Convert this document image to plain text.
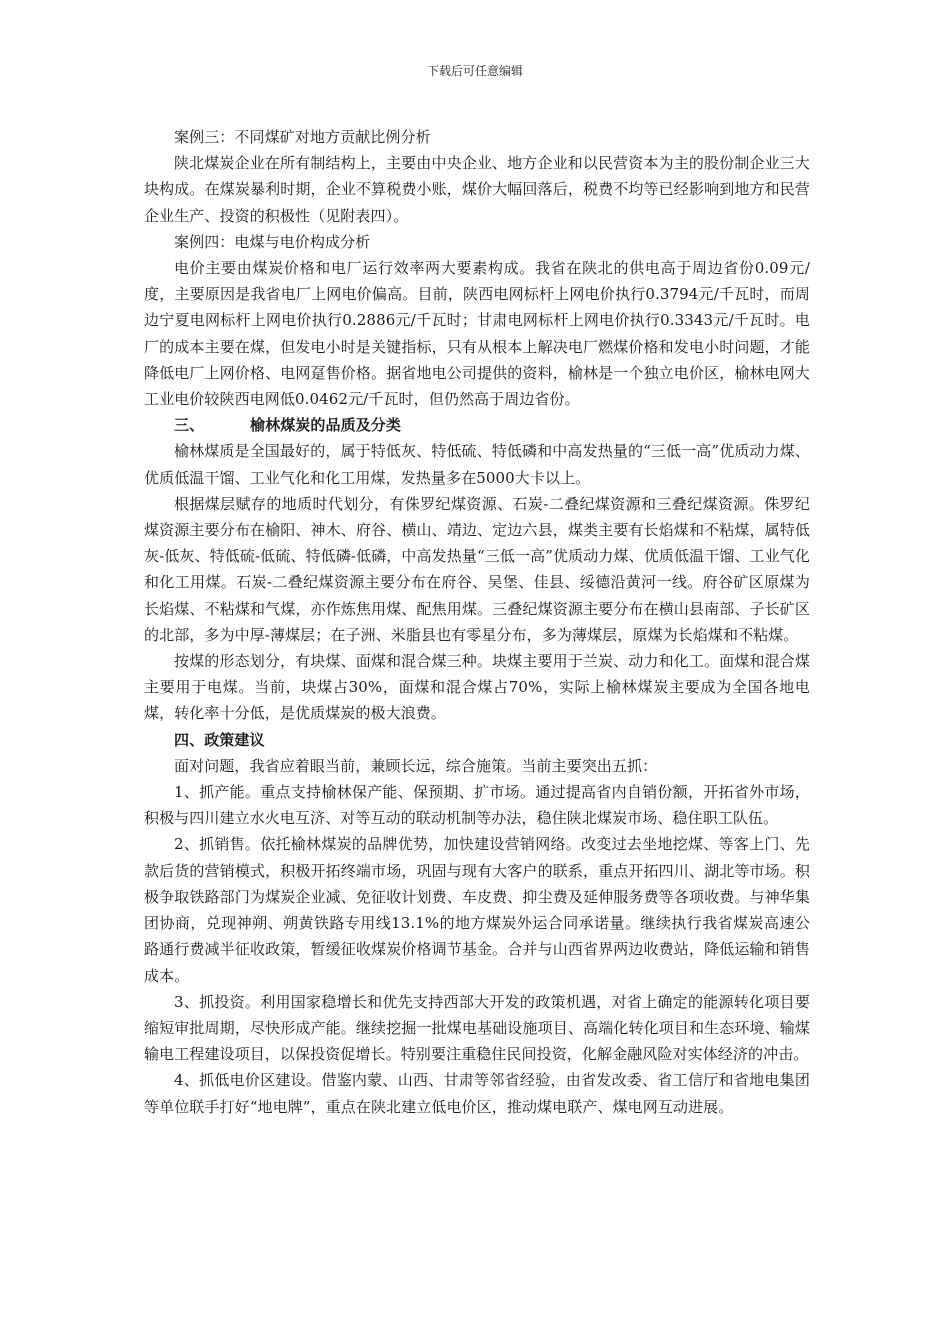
下载后可任意编辑

案例三：不同煤矿对地方贡献比例分析

陕北煤炭企业在所有制结构上，主要由中央企业、地方企业和以民营资本为主的股份制企业三大块构成。在煤炭暴利时期，企业不算税费小账，煤价大幅回落后，税费不均等已经影响到地方和民营企业生产、投资的积极性（见附表四）。

案例四：电煤与电价构成分析

电价主要由煤炭价格和电厂运行效率两大要素构成。我省在陕北的供电高于周边省份0.09元/度，主要原因是我省电厂上网电价偏高。目前，陕西电网标杆上网电价执行0.3794元/千瓦时，而周边宁夏电网标杆上网电价执行0.2886元/千瓦时；甘肃电网标杆上网电价执行0.3343元/千瓦时。电厂的成本主要在煤，但发电小时是关键指标，只有从根本上解决电厂燃煤价格和发电小时问题，才能降低电厂上网价格、电网趸售价格。据省地电公司提供的资料，榆林是一个独立电价区，榆林电网大工业电价较陕西电网低0.0462元/千瓦时，但仍然高于周边省份。

三、	榆林煤炭的品质及分类

榆林煤质是全国最好的，属于特低灰、特低硫、特低磷和中高发热量的“三低一高”优质动力煤、优质低温干馏、工业气化和化工用煤，发热量多在5000大卡以上。

根据煤层赋存的地质时代划分，有侏罗纪煤资源、石炭-二叠纪煤资源和三叠纪煤资源。侏罗纪煤资源主要分布在榆阳、神木、府谷、横山、靖边、定边六县，煤类主要有长焰煤和不粘煤，属特低灰-低灰、特低硫-低硫、特低磷-低磷，中高发热量“三低一高”优质动力煤、优质低温干馏、工业气化和化工用煤。石炭-二叠纪煤资源主要分布在府谷、吴堡、佳县、绥德沿黄河一线。府谷矿区原煤为长焰煤、不粘煤和气煤，亦作炼焦用煤、配焦用煤。三叠纪煤资源主要分布在横山县南部、子长矿区的北部，多为中厚-薄煤层；在子洲、米脂县也有零星分布，多为薄煤层，原煤为长焰煤和不粘煤。

按煤的形态划分，有块煤、面煤和混合煤三种。块煤主要用于兰炭、动力和化工。面煤和混合煤主要用于电煤。当前，块煤占30%，面煤和混合煤占70%，实际上榆林煤炭主要成为全国各地电煤，转化率十分低，是优质煤炭的极大浪费。

四、政策建议

面对问题，我省应着眼当前，兼顾长远，综合施策。当前主要突出五抓：

1、抓产能。重点支持榆林保产能、保预期、扩市场。通过提高省内自销份额，开拓省外市场，积极与四川建立水火电互济、对等互动的联动机制等办法，稳住陕北煤炭市场、稳住职工队伍。

2、抓销售。依托榆林煤炭的品牌优势，加快建设营销网络。改变过去坐地挖煤、等客上门、先款后货的营销模式，积极开拓终端市场，巩固与现有大客户的联系，重点开拓四川、湖北等市场。积极争取铁路部门为煤炭企业减、免征收计划费、车皮费、抑尘费及延伸服务费等各项收费。与神华集团协商，兑现神朔、朔黄铁路专用线13.1%的地方煤炭外运合同承诺量。继续执行我省煤炭高速公路通行费减半征收政策，暂缓征收煤炭价格调节基金。合并与山西省界两边收费站，降低运输和销售成本。

3、抓投资。利用国家稳增长和优先支持西部大开发的政策机遇，对省上确定的能源转化项目要缩短审批周期，尽快形成产能。继续挖掘一批煤电基础设施项目、高端化转化项目和生态环境、输煤输电工程建设项目，以保投资促增长。特别要注重稳住民间投资，化解金融风险对实体经济的冲击。

4、抓低电价区建设。借鉴内蒙、山西、甘肃等邻省经验，由省发改委、省工信厅和省地电集团等单位联手打好“地电牌”，重点在陕北建立低电价区，推动煤电联产、煤电网互动进展。
